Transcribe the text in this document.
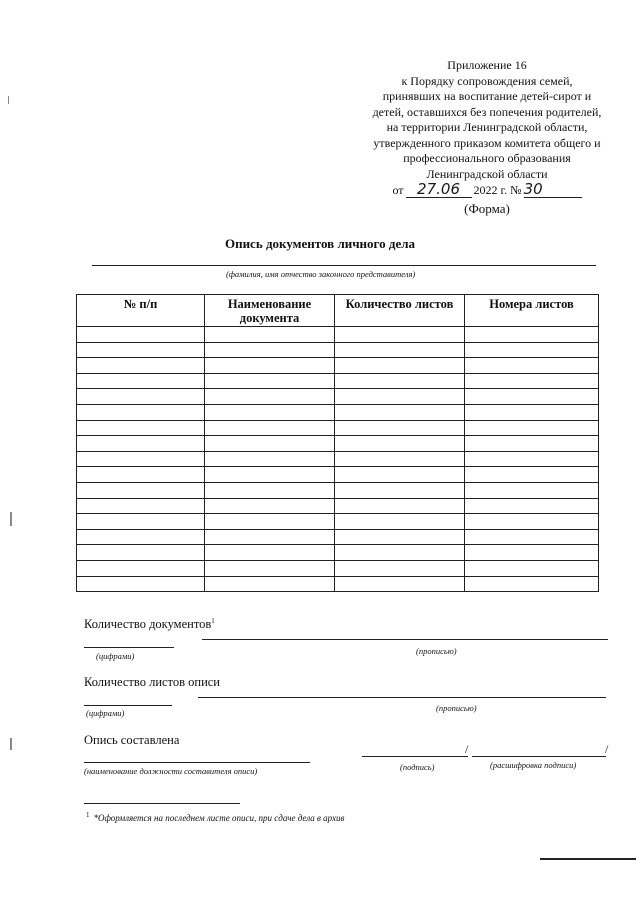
Приложение 16
к Порядку сопровождения семей,
принявших на воспитание детей-сирот и
детей, оставшихся без попечения родителей,
на территории Ленинградской области,
утвержденного приказом комитета общего и
профессионального образования
Ленинградской области
от 27.06	2022 г. № 30
(Форма)
Опись документов личного дела
(фамилия, имя отчество законного представителя)
№ п/п	Наименование документа	Количество листов	Номера листов

Количество документов$^1$
(цифрами)	(прописью)
Количество листов описи
(цифрами)	(прописью)
Опись составлена
/	/
(наименование должности составителя описи)	(подпись)	(расшифровка подписи)
$^1$ *Оформляется на последнем листе описи, при сдаче дела в архив
